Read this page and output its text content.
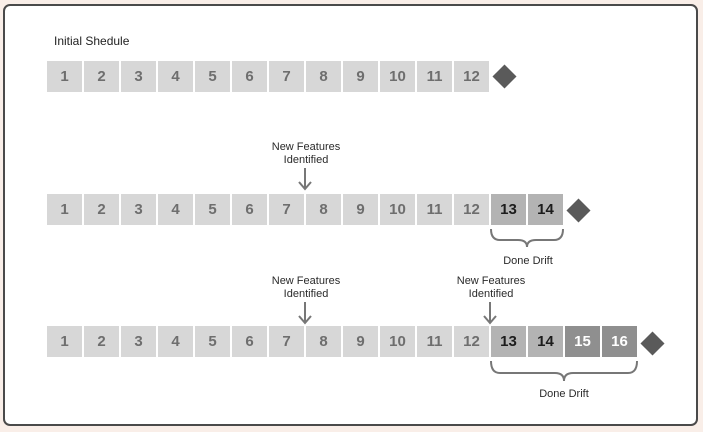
Initial Shedule
1	2	3	4	5	6	7	8	9	10	11	12
New Features
Identified
1	2	3	4	5	6	7	8	9	10	11	12	13	14
Done Drift
New Features
Identified
New Features
Identified
1	2	3	4	5	6	7	8	9	10	11	12	13	14	15	16
Done Drift
